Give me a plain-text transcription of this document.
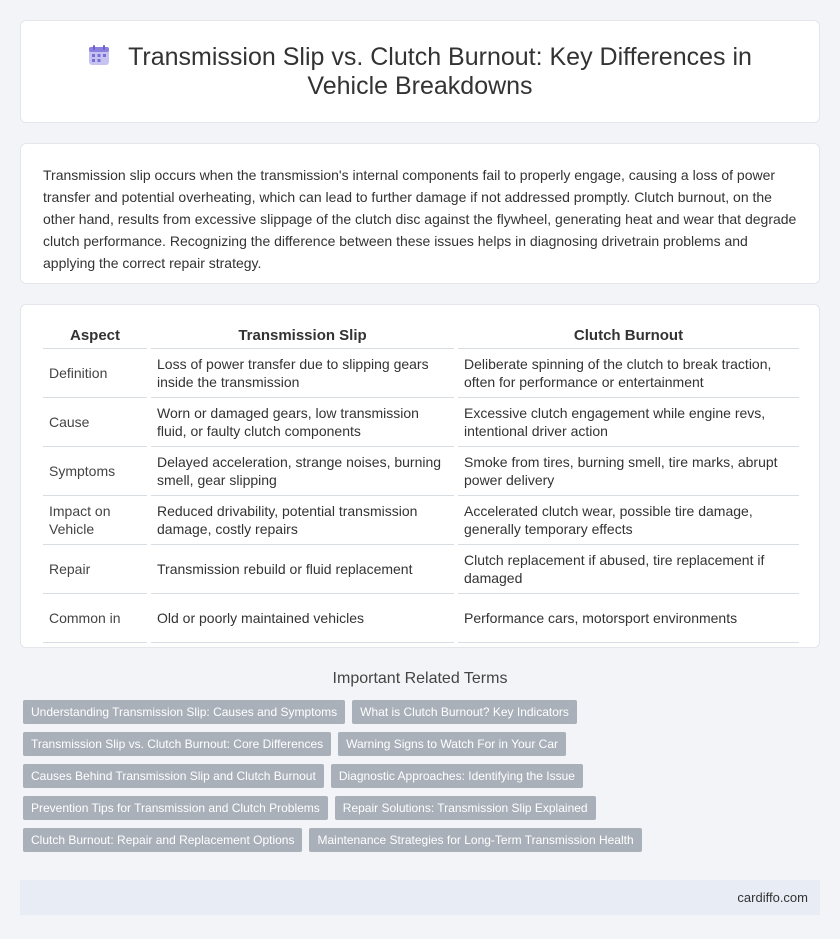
Transmission Slip vs. Clutch Burnout: Key Differences in Vehicle Breakdowns
Transmission slip occurs when the transmission's internal components fail to properly engage, causing a loss of power transfer and potential overheating, which can lead to further damage if not addressed promptly. Clutch burnout, on the other hand, results from excessive slippage of the clutch disc against the flywheel, generating heat and wear that degrade clutch performance. Recognizing the difference between these issues helps in diagnosing drivetrain problems and applying the correct repair strategy.
Aspect		Transmission Slip		Clutch Burnout
Definition		Loss of power transfer due to slipping gears inside the transmission		Deliberate spinning of the clutch to break traction, often for performance or entertainment
Cause		Worn or damaged gears, low transmission fluid, or faulty clutch components		Excessive clutch engagement while engine revs, intentional driver action
Symptoms		Delayed acceleration, strange noises, burning smell, gear slipping		Smoke from tires, burning smell, tire marks, abrupt power delivery
Impact on Vehicle		Reduced drivability, potential transmission damage, costly repairs		Accelerated clutch wear, possible tire damage, generally temporary effects
Repair		Transmission rebuild or fluid replacement		Clutch replacement if abused, tire replacement if damaged
Common in		Old or poorly maintained vehicles		Performance cars, motorsport environments
Important Related Terms
Understanding Transmission Slip: Causes and Symptoms	What is Clutch Burnout? Key Indicators
Transmission Slip vs. Clutch Burnout: Core Differences	Warning Signs to Watch For in Your Car
Causes Behind Transmission Slip and Clutch Burnout	Diagnostic Approaches: Identifying the Issue
Prevention Tips for Transmission and Clutch Problems	Repair Solutions: Transmission Slip Explained
Clutch Burnout: Repair and Replacement Options	Maintenance Strategies for Long-Term Transmission Health
cardiffo.com
